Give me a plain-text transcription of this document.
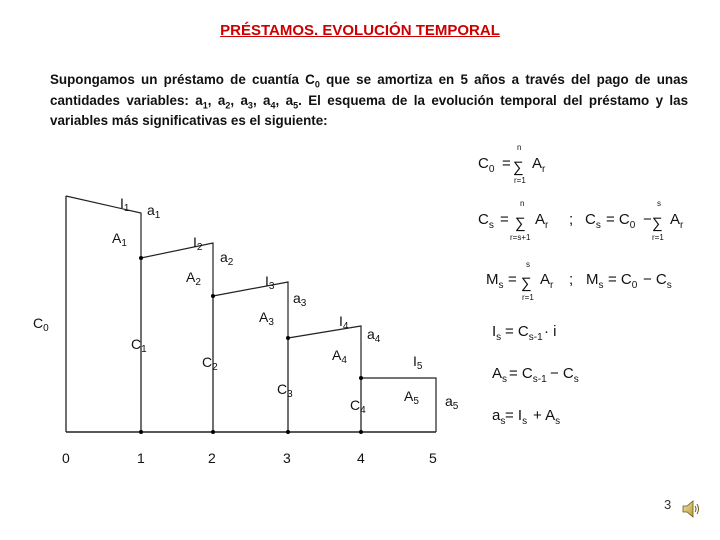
PRÉSTAMOS. EVOLUCIÓN TEMPORAL
Supongamos un préstamo de cuantía $C_0$ que se amortiza en 5 años a través del pago de unas cantidades variables: $a_1$, $a_2$, $a_3$, $a_4$, $a_5$. El esquema de la evolución temporal del préstamo y las variables más significativas es el siguiente:
0	1	2	3	4	5
$C_0$
$C_1$
$C_2$
$C_3$
$C_4$
$I_1$
$I_2$
$I_3$
$I_4$
$I_5$
$a_1$
$a_2$
$a_3$
$a_4$
$a_5$
$A_1$
$A_2$
$A_3$
$A_4$
$A_5$
$C_0$ =
n
∑
r=1
$A_r$
$C_s$ =
n
∑
r=s+1
$A_r$ ; $C_s = C_0$ −
s
∑
r=1
$A_r$
$M_s$ =
s
∑
r=1
$A_r$ ; $M_s = C_0 - C_s$
$I_s = C_{s-1} \cdot i$
$A_s = C_{s-1} - C_s$
$a_s = I_s + A_s$
3
